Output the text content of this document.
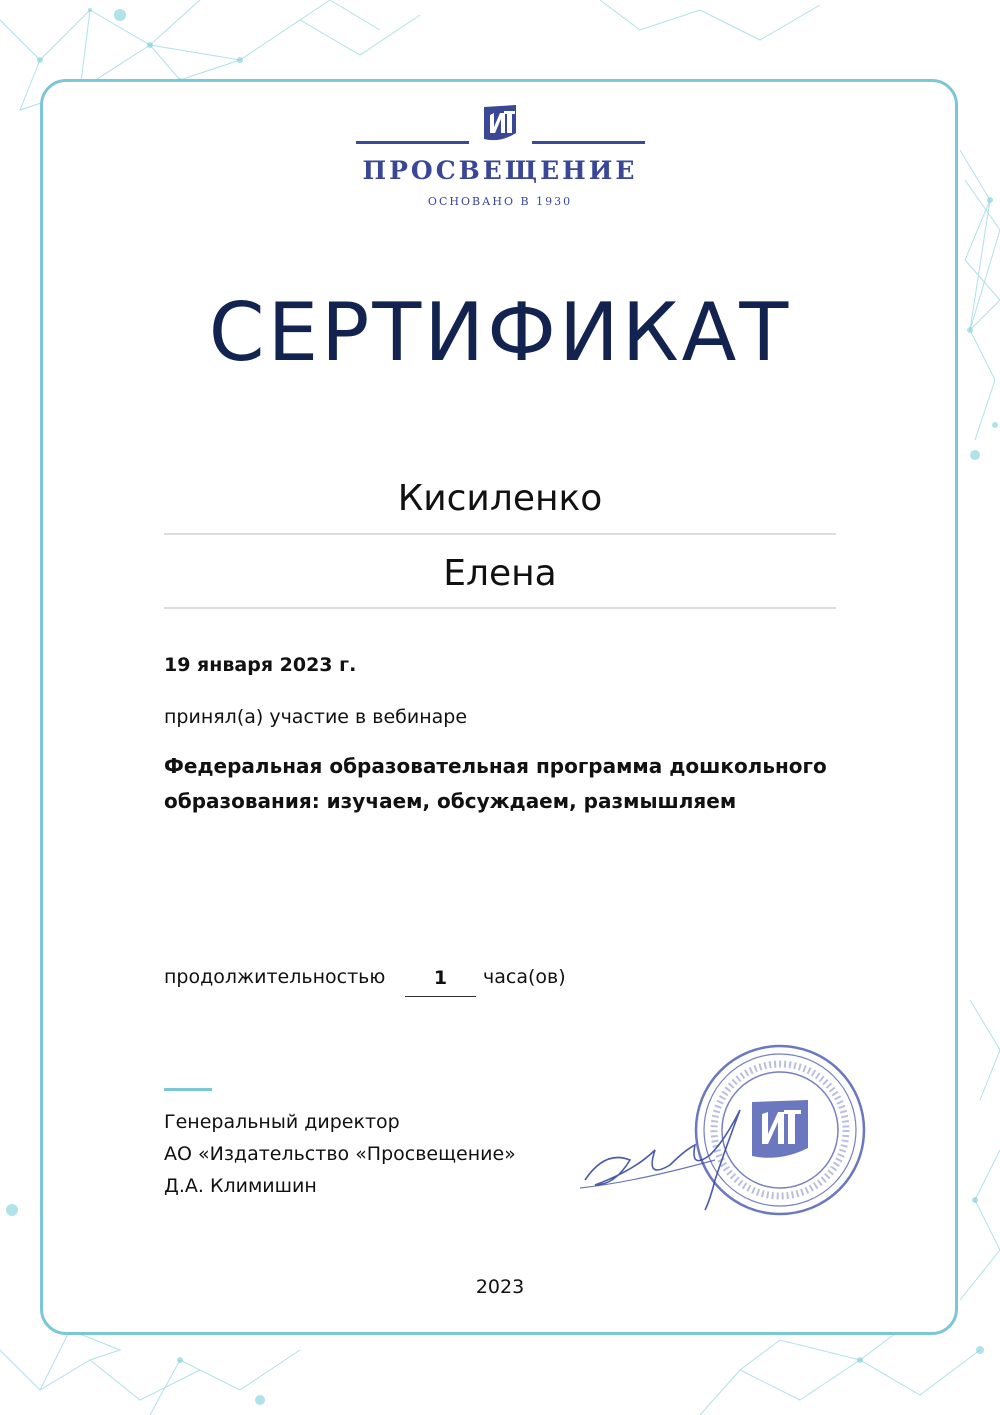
ПРОСВЕЩЕНИЕ
ОСНОВАНО В 1930
СЕРТИФИКАТ
Кисиленко
Елена
19 января 2023 г.
принял(а) участие в вебинаре
Федеральная образовательная программа дошкольного образования: изучаем, обсуждаем, размышляем
продолжительностью	1	часа(ов)
Генеральный директор
АО «Издательство «Просвещение»
Д.А. Климишин
2023
